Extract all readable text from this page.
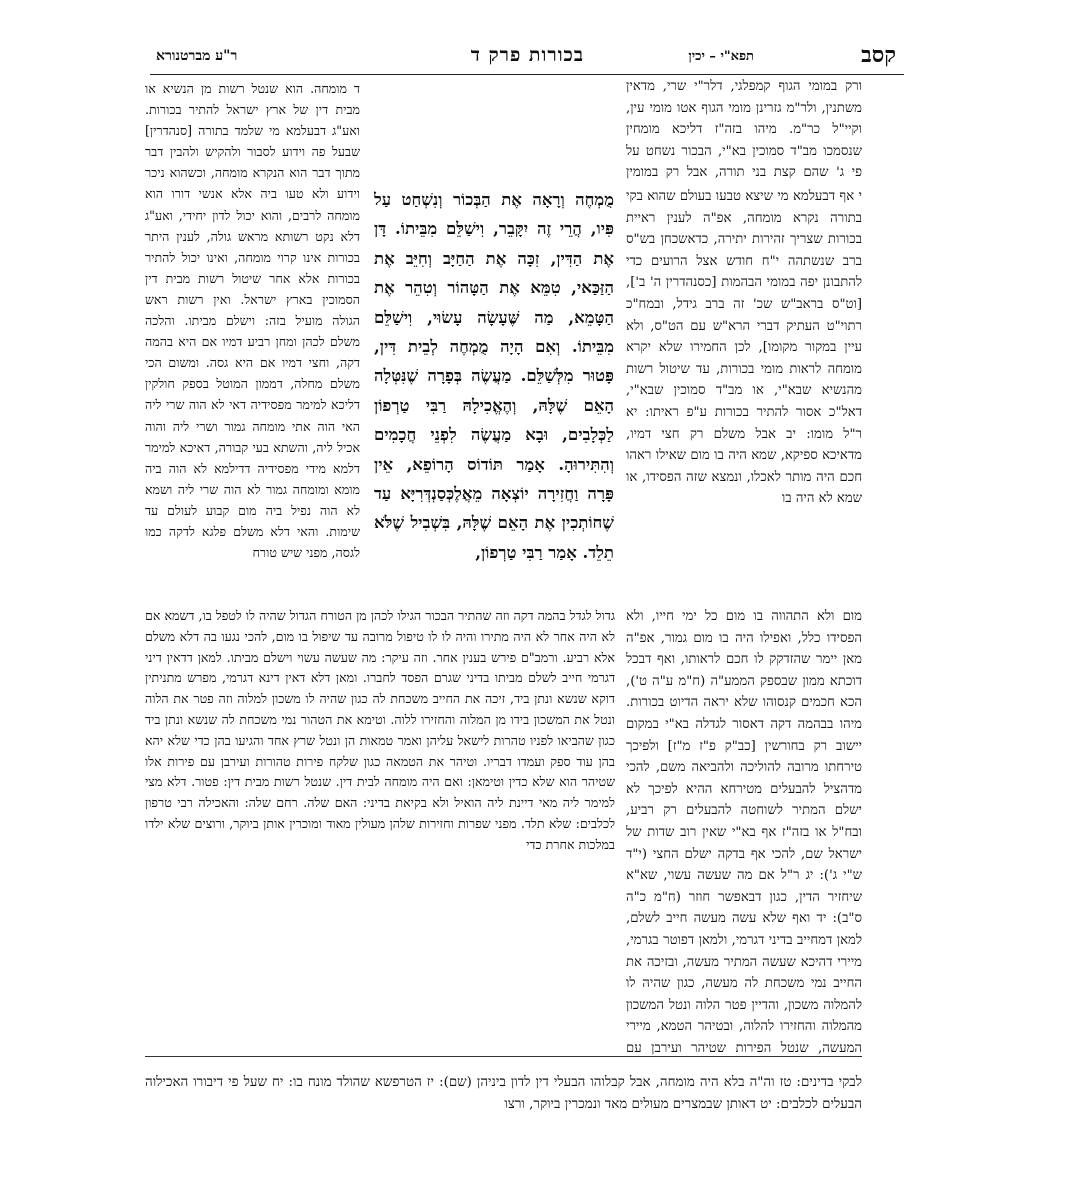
קסב
תפא"י – יכין
בכורות פרק ד
ר"ע מברטנורא

ורק במומי הגוף קמפלגי, דלר"י שרי, מדאין משתנין, ולר"מ גזרינן מומי הגוף אטו מומי עין, וקיי"ל כר"מ. מיהו בזה"ז דליכא מומחין שנסמכו מב"ד סמוכין בא"י, הבכור נשחט על פי ג' שהם קצת בני תורה, אבל רק במומין

י אף דבעלמא מי שיצא טבעו בעולם שהוא בקי בתורה נקרא מומחה, אפ"ה לענין ראיית בכורות שצריך זהירות יתירה, כדאשכחן בש"ס ברב שנשתהה י"ח חודש אצל הרועים כדי להתבונן יפה במומי הבהמות [כסנהדרין ה' ב'], [וט"ס בראב"ש שכ' זה ברב גידל, ובמח"כ רתוי"ט העתיק דברי הרא"ש עם הט"ס, ולא עיין במקור מקומו], לכן החמירו שלא יקרא מומחה לראות מומי בכורות, עד שיטול רשות מהנשיא שבא"י, או מב"ד סמוכין שבא"י, דאל"כ אסור להתיר בכורות ע"פ ראיתו: יא ר"ל מומו: יב אבל משלם רק חצי דמיו, מדאיכא ספיקא, שמא היה בו מום שאילו ראהו חכם היה מותר לאכלו, ונמצא שזה הפסידו, או שמא לא היה בו

מֻמְחֶה וְרָאָה אֶת הַבְּכוֹר וְנִשְׁחַט עַל פִּיו, הֲרֵי זֶה יִקָּבֵר, וִישַׁלֵּם מִבֵּיתוֹ. דָּן אֶת הַדִּין, זִכָּה אֶת הַחַיָּב וְחִיֵּב אֶת הַזַּכַּאי, טִמֵּא אֶת הַטָּהוֹר וְטִהֵר אֶת הַטָּמֵא, מַה שֶּׁעָשָׂה עָשׂוּי, וִישַׁלֵּם מִבֵּיתוֹ. וְאִם הָיָה מֻמְחֶה לְבֵית דִּין, פָּטוּר מִלְּשַׁלֵּם. מַעֲשֶׂה בְּפָרָה שֶׁנִּטְּלָה הָאֵם שֶׁלָּהּ, וְהֶאֱכִילָהּ רַבִּי טַרְפוֹן לַכְּלָבִים, וּבָא מַעֲשֶׂה לִפְנֵי חֲכָמִים וְהִתִּירוּהָ. אָמַר תּוֹדוֹס הָרוֹפֵא, אֵין פָּרָה וַחֲזִירָה יוֹצְאָה מֵאֲלֶכְּסַנְדְּרִיָּא עַד שֶׁחוֹתְכִין אֶת הָאֵם שֶׁלָּהּ, בִּשְׁבִיל שֶׁלֹּא תֵלֵד. אָמַר רַבִּי טַרְפוֹן,

ד מומחה. הוא שנטל רשות מן הנשיא או מבית דין של ארץ ישראל להתיר בכורות. ואע"ג דבעלמא מי שלמד בתורה [סנהדרין] שבעל פה וידוע לסבור ולהקיש ולהבין דבר מתוך דבר הוא הנקרא מומחה, וכשהוא ניכר וידוע ולא טעו ביה אלא אנשי דורו הוא מומחה לרבים, והוא יכול לדון יחידי, ואע"ג דלא נקט רשותא מראש גולה, לענין היתר בכורות אינו קרוי מומחה, ואינו יכול להתיר בכורות אלא אחר שיטול רשות מבית דין הסמוכין בארץ ישראל. ואין רשות ראש הגולה מועיל בזה: וישלם מביתו. והלכה משלם לכהן ומחן רביע דמיו אם היא בהמה דקה, וחצי דמיו אם היא גסה. ומשום הכי משלם מחלה, דממון המוטל בספק חולקין דליכא למימר מפסידיה דאי לא הוה שרי ליה האי הוה אתי מומחה גמור ושרי ליה והוה אכיל ליה, והשתא בעי קבורה, דאיכא למימר דלמא מידי מפסידיה דדילמא לא הוה ביה מומא ומומחה גמור לא הוה שרי ליה ושמא לא הוה נפיל ביה מום קבוע לעולם עד שימות. והאי דלא משלם פלגא לדקה כמו לגסה, מפני שיש טורח

גדול לגדל בהמה דקה וזה שהתיר הבכור הגילו לכהן מן הטורח הגדול שהיה לו לטפל בו, דשמא אם לא היה אחר לא היה מתירו והיה לו לו טיפול מרובה עד שיפול בו מום, להכי נגעו בה דלא משלם אלא רביע. ורמב"ם פירש בענין אחר. וזה עיקר: מה שעשה עשוי וישלם מביתו. למאן דדאין דיני דגרמי חייב לשלם מביתו בדיני שגרם הפסד לחברו. ומאן דלא דאין דינא דגרמי, מפרש מתניתין דוקא שנשא ונתן ביד, זיכה את החייב משכחת לה כגון שהיה לו משכון למלוה וזה פטר את הלוה ונטל את המשכון בידו מן המלוה והחזירו ללוה. וטימא את הטהור נמי משכחת לה שנשא ונתן ביד כגון שהביאו לפניו טהרות לישאל עליהן ואמר טמאות הן ונטל שרץ אחד והגיעו בהן כדי שלא יהא בהן עוד ספק ועמדו דבריו. וטיהר את הטמאה כגון שלקח פירות טהורות ועירבן עם פירות אלו שטיהר הוא שלא כדין וטימאן: ואם היה מומחה לבית דין. שנטל רשות מבית דין: פטור. דלא מצי למימר ליה מאי דיינת ליה הואיל ולא בקיאת בדיני: האם שלה. רחם שלה: והאכילה רבי טרפון לכלבים: שלא תלד. מפני שפרות וחזירות שלהן מעולין מאוד ומוכרין אותן ביוקר, ורוצים שלא ילדו במלכות אחרת כדי

מום ולא התהווה בו מום כל ימי חייו, ולא הפסידו כלל, ואפילו היה בו מום גמור, אפ"ה מאן יימר שהזדקק לו חכם לראותו, ואף דבכל דוכתא ממון שבספק הממע"ה (ח"מ ע"ה ט'), הכא חכמים קנסוהו שלא יראה הדיוט בכורות. מיהו בבהמה דקה דאסור לגדלה בא"י במקום יישוב רק בחורשין [כב"ק פ"ז מ"ז] ולפיכך טירחתו מרובה להוליכה ולהביאה משם, להכי מדהציל להבעלים מטירחא ההיא לפיכך לא ישלם המתיר לשוחטה להבעלים רק רביע, ובח"ל או בזה"ז אף בא"י שאין רוב שדות של ישראל שם, להכי אף בדקה ישלם החצי (י"ד ש"י ג'): יג ר"ל אם מה שעשה עשוי, שא"א שיחזיר הדין, כגון דבאפשר חוזר (ח"מ כ"ה ס"ב): יד ואף שלא עשה מעשה חייב לשלם, למאן דמחייב בדיני דגרמי, ולמאן דפוטר בגרמי, מיירי דהיכא שעשה המתיר מעשה, ובזיכה את החייב נמי משכחת לה מעשה, כגון שהיה לו להמלוה משכון, והדיין פטר הלוה ונטל המשכון מהמלוה והחזירו להלוה, ובטיהר הטמא, מיירי המעשה, שנטל הפירות שטיהר ועירבן עם

לבקי בדינים: טז וה"ה בלא היה מומחה, אבל קבלוהו הבעלי דין לדון ביניהן (שם): יז הטרפשא שהולד מונח בו: יח שעל פי דיבורו האכילוה הבעלים לכלבים: יט דאותן שבמצרים מעולים מאד ונמכרין ביוקר, ורצו
